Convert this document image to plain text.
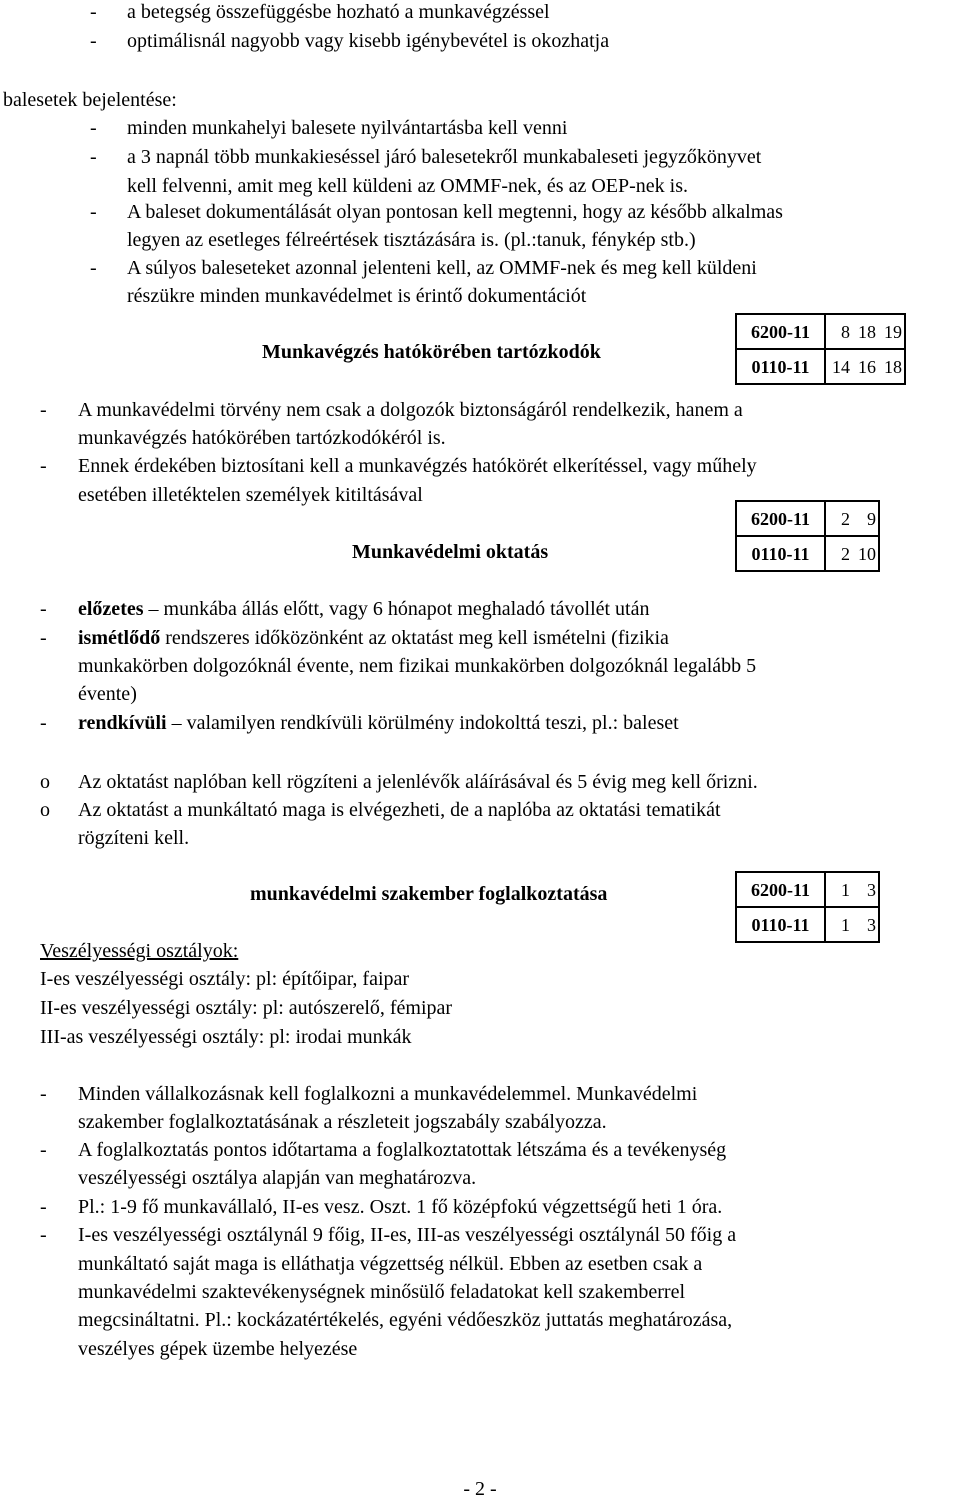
- a betegség összefüggésbe hozható a munkavégzéssel
- optimálisnál nagyobb vagy kisebb igénybevétel is okozhatja
balesetek bejelentése:
- minden munkahelyi balesete nyilvántartásba kell venni
- a 3 napnál több munkakieséssel járó balesetekről munkabaleseti jegyzőkönyvet
kell felvenni, amit meg kell küldeni az OMMF-nek, és az OEP-nek is.
- A baleset dokumentálását olyan pontosan kell megtenni, hogy az később alkalmas
legyen az esetleges félreértések tisztázására is. (pl.:tanuk, fénykép stb.)
- A súlyos baleseteket azonnal jelenteni kell, az OMMF-nek és meg kell küldeni
részükre minden munkavédelmet is érintő dokumentációt
Munkavégzés hatókörében tartózkodók
6200-11	8	18	19
0110-11	14	16	18
- A munkavédelmi törvény nem csak a dolgozók biztonságáról rendelkezik, hanem a
munkavégzés hatókörében tartózkodókéról is.
- Ennek érdekében biztosítani kell a munkavégzés hatókörét elkerítéssel, vagy műhely
esetében illetéktelen személyek kitiltásával
Munkavédelmi oktatás
6200-11	2	9
0110-11	2	10
- előzetes – munkába állás előtt, vagy 6 hónapot meghaladó távollét után
- ismétlődő rendszeres időközönként az oktatást meg kell ismételni (fizikia
munkakörben dolgozóknál évente, nem fizikai munkakörben dolgozóknál legalább 5
évente)
- rendkívüli – valamilyen rendkívüli körülmény indokolttá teszi, pl.: baleset
o Az oktatást naplóban kell rögzíteni a jelenlévők aláírásával és 5 évig meg kell őrizni.
o Az oktatást a munkáltató maga is elvégezheti, de a naplóba az oktatási tematikát
rögzíteni kell.
munkavédelmi szakember foglalkoztatása	6200-11	1	3
0110-11	1	3
Veszélyességi osztályok:
I-es veszélyességi osztály: pl: építőipar, faipar
II-es veszélyességi osztály: pl: autószerelő, fémipar
III-as veszélyességi osztály: pl: irodai munkák
- Minden vállalkozásnak kell foglalkozni a munkavédelemmel. Munkavédelmi
szakember foglalkoztatásának a részleteit jogszabály szabályozza.
- A foglalkoztatás pontos időtartama a foglalkoztatottak létszáma és a tevékenység
veszélyességi osztálya alapján van meghatározva.
- Pl.: 1-9 fő munkavállaló, II-es vesz. Oszt. 1 fő középfokú végzettségű heti 1 óra.
- I-es veszélyességi osztálynál 9 főig, II-es, III-as veszélyességi osztálynál 50 főig a
munkáltató saját maga is elláthatja végzettség nélkül. Ebben az esetben csak a
munkavédelmi szaktevékenységnek minősülő feladatokat kell szakemberrel
megcsináltatni. Pl.: kockázatértékelés, egyéni védőeszköz juttatás meghatározása,
veszélyes gépek üzembe helyezése
- 2 -
